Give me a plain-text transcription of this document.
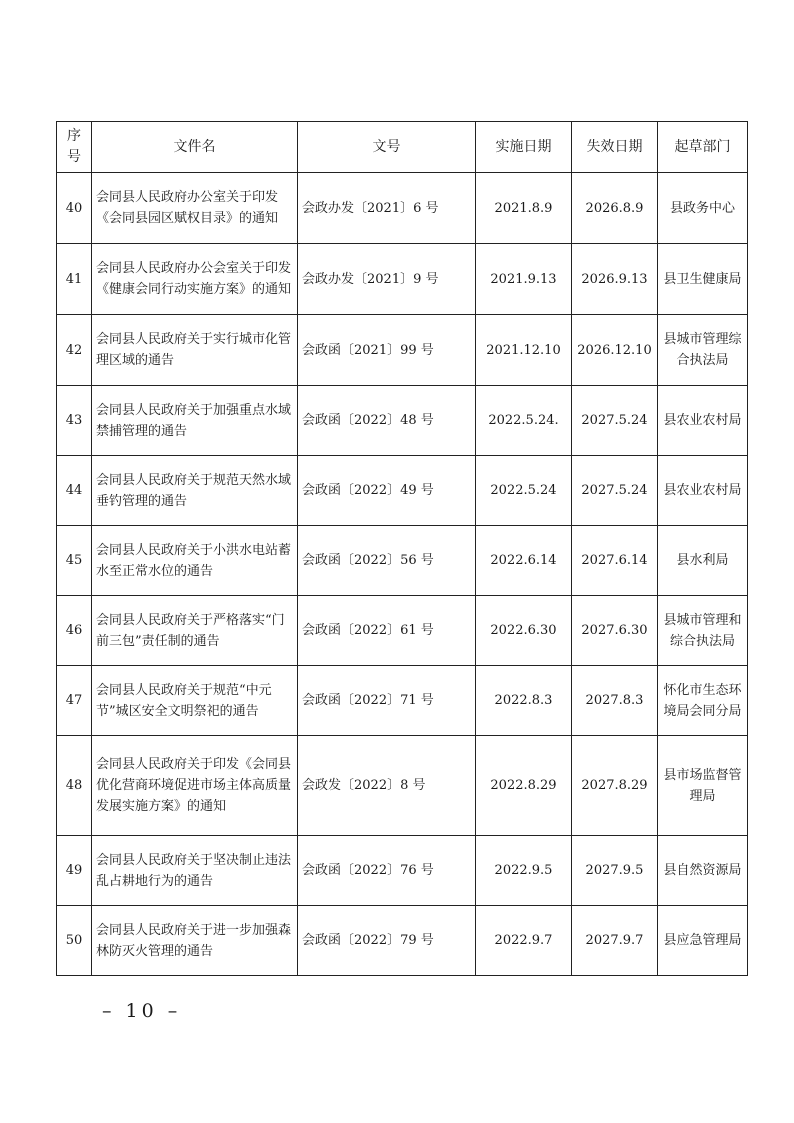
序号	文件名	文号	实施日期	失效日期	起草部门
40	会同县人民政府办公室关于印发《会同县园区赋权目录》的通知	会政办发〔2021〕6 号	2021.8.9	2026.8.9	县政务中心
41	会同县人民政府办公会室关于印发《健康会同行动实施方案》的通知	会政办发〔2021〕9 号	2021.9.13	2026.9.13	县卫生健康局
42	会同县人民政府关于实行城市化管理区域的通告	会政函〔2021〕99 号	2021.12.10	2026.12.10	县城市管理综合执法局
43	会同县人民政府关于加强重点水域禁捕管理的通告	会政函〔2022〕48 号	2022.5.24.	2027.5.24	县农业农村局
44	会同县人民政府关于规范天然水域垂钓管理的通告	会政函〔2022〕49 号	2022.5.24	2027.5.24	县农业农村局
45	会同县人民政府关于小洪水电站蓄水至正常水位的通告	会政函〔2022〕56 号	2022.6.14	2027.6.14	县水利局
46	会同县人民政府关于严格落实“门前三包”责任制的通告	会政函〔2022〕61 号	2022.6.30	2027.6.30	县城市管理和综合执法局
47	会同县人民政府关于规范“中元节”城区安全文明祭祀的通告	会政函〔2022〕71 号	2022.8.3	2027.8.3	怀化市生态环境局会同分局
48	会同县人民政府关于印发《会同县优化营商环境促进市场主体高质量发展实施方案》的通知	会政发〔2022〕8 号	2022.8.29	2027.8.29	县市场监督管理局
49	会同县人民政府关于坚决制止违法乱占耕地行为的通告	会政函〔2022〕76 号	2022.9.5	2027.9.5	县自然资源局
50	会同县人民政府关于进一步加强森林防灭火管理的通告	会政函〔2022〕79 号	2022.9.7	2027.9.7	县应急管理局
– 10 –
